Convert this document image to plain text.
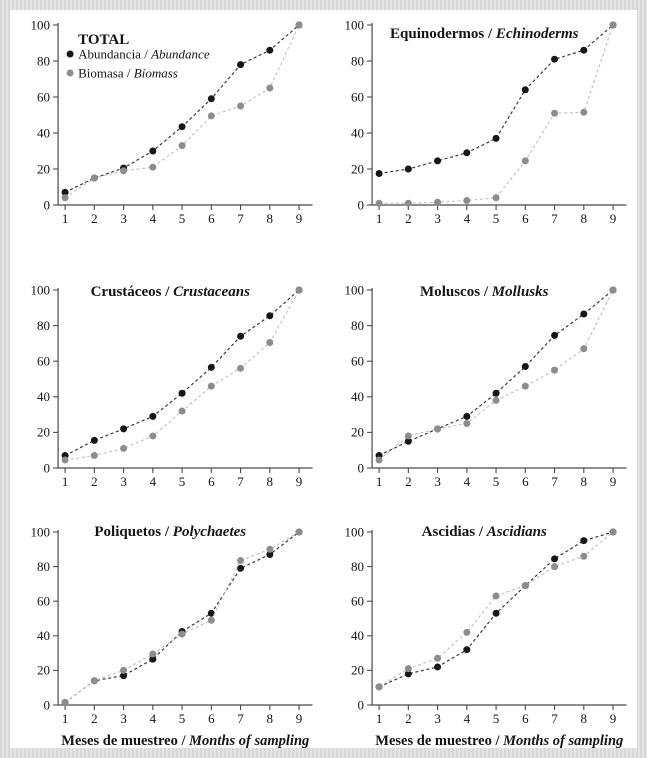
0
20
40
60
80
100
1 2 3 4 5 6 7 8 9
TOTAL
Abundancia / Abundance
Biomasa / Biomass
0
20
40
60
80
100
1 2 3 4 5 6 7 8 9
Equinodermos / Echinoderms
0
20
40
60
80
100
1 2 3 4 5 6 7 8 9
Crustáceos / Crustaceans
0
20
40
60
80
100
1 2 3 4 5 6 7 8 9
Moluscos / Mollusks
0
20
40
60
80
100
1 2 3 4 5 6 7 8 9
Poliquetos / Polychaetes
Meses de muestreo / Months of sampling
0
20
40
60
80
100
1 2 3 4 5 6 7 8 9
Ascidias / Ascidians
Meses de muestreo / Months of sampling
